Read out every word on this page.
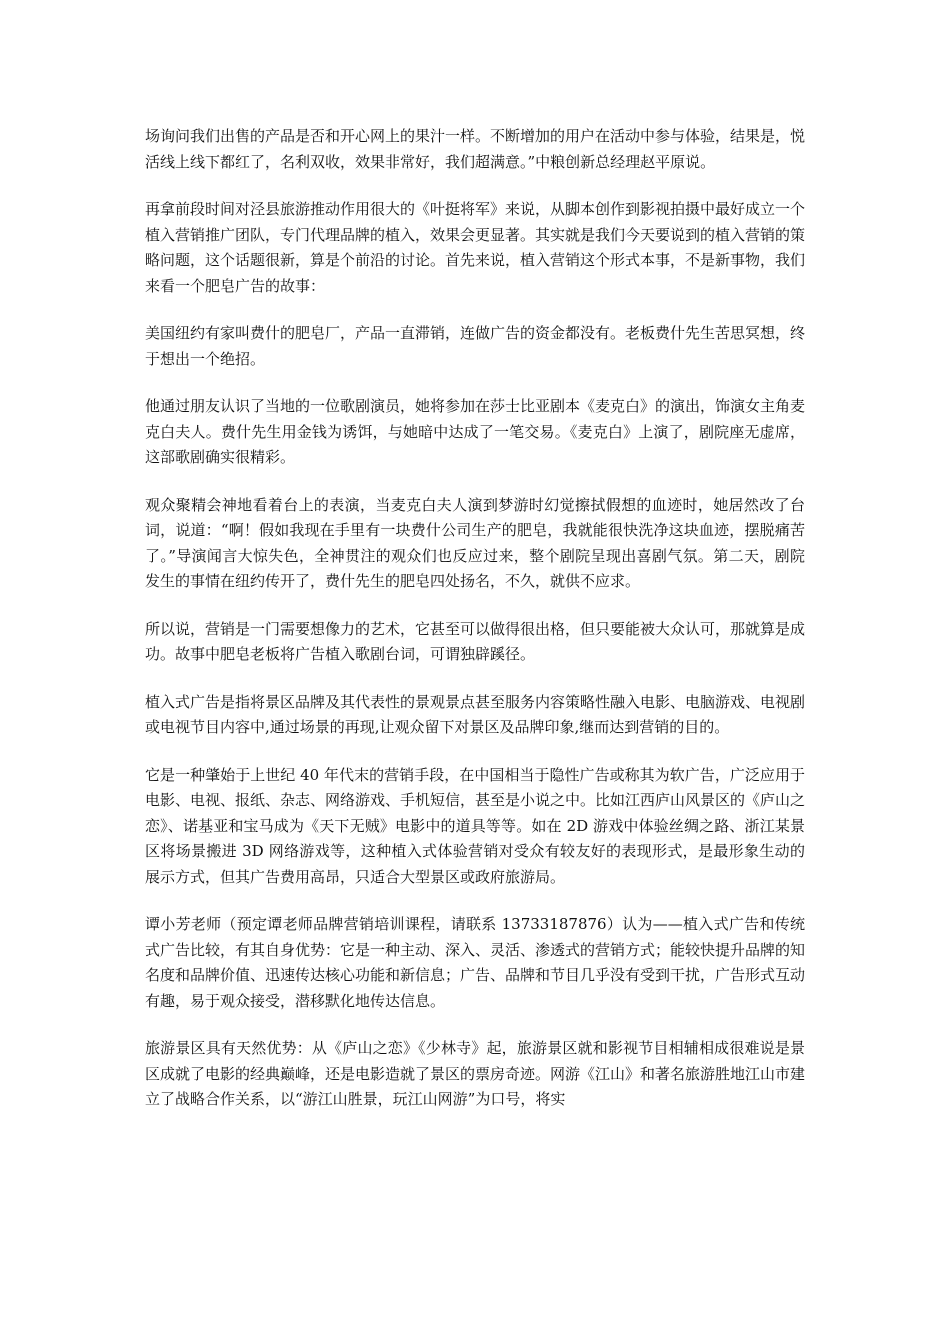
场询问我们出售的产品是否和开心网上的果汁一样。不断增加的用户在活动中参与体验，结果是，悦活线上线下都红了，名利双收，效果非常好，我们超满意。”中粮创新总经理赵平原说。

再拿前段时间对泾县旅游推动作用很大的《叶挺将军》来说，从脚本创作到影视拍摄中最好成立一个植入营销推广团队，专门代理品牌的植入，效果会更显著。其实就是我们今天要说到的植入营销的策略问题，这个话题很新，算是个前沿的讨论。首先来说，植入营销这个形式本事，不是新事物，我们来看一个肥皂广告的故事：

美国纽约有家叫费什的肥皂厂，产品一直滞销，连做广告的资金都没有。老板费什先生苦思冥想，终于想出一个绝招。

他通过朋友认识了当地的一位歌剧演员，她将参加在莎士比亚剧本《麦克白》的演出，饰演女主角麦克白夫人。费什先生用金钱为诱饵，与她暗中达成了一笔交易。《麦克白》上演了，剧院座无虚席，这部歌剧确实很精彩。

观众聚精会神地看着台上的表演，当麦克白夫人演到梦游时幻觉擦拭假想的血迹时，她居然改了台词，说道：“啊！假如我现在手里有一块费什公司生产的肥皂，我就能很快洗净这块血迹，摆脱痛苦了。”导演闻言大惊失色，全神贯注的观众们也反应过来，整个剧院呈现出喜剧气氛。第二天，剧院发生的事情在纽约传开了，费什先生的肥皂四处扬名，不久，就供不应求。

所以说，营销是一门需要想像力的艺术，它甚至可以做得很出格，但只要能被大众认可，那就算是成功。故事中肥皂老板将广告植入歌剧台词，可谓独辟蹊径。

植入式广告是指将景区品牌及其代表性的景观景点甚至服务内容策略性融入电影、电脑游戏、电视剧或电视节目内容中,通过场景的再现,让观众留下对景区及品牌印象,继而达到营销的目的。

它是一种肇始于上世纪 40 年代末的营销手段，在中国相当于隐性广告或称其为软广告，广泛应用于电影、电视、报纸、杂志、网络游戏、手机短信，甚至是小说之中。比如江西庐山风景区的《庐山之恋》、诺基亚和宝马成为《天下无贼》电影中的道具等等。如在 2D 游戏中体验丝绸之路、浙江某景区将场景搬进 3D 网络游戏等，这种植入式体验营销对受众有较友好的表现形式，是最形象生动的展示方式，但其广告费用高昂，只适合大型景区或政府旅游局。

谭小芳老师（预定谭老师品牌营销培训课程，请联系 13733187876）认为——植入式广告和传统式广告比较，有其自身优势：它是一种主动、深入、灵活、渗透式的营销方式；能较快提升品牌的知名度和品牌价值、迅速传达核心功能和新信息；广告、品牌和节目几乎没有受到干扰，广告形式互动有趣，易于观众接受，潜移默化地传达信息。

旅游景区具有天然优势：从《庐山之恋》《少林寺》起，旅游景区就和影视节目相辅相成很难说是景区成就了电影的经典巅峰，还是电影造就了景区的票房奇迹。网游《江山》和著名旅游胜地江山市建立了战略合作关系，以“游江山胜景，玩江山网游”为口号，将实
